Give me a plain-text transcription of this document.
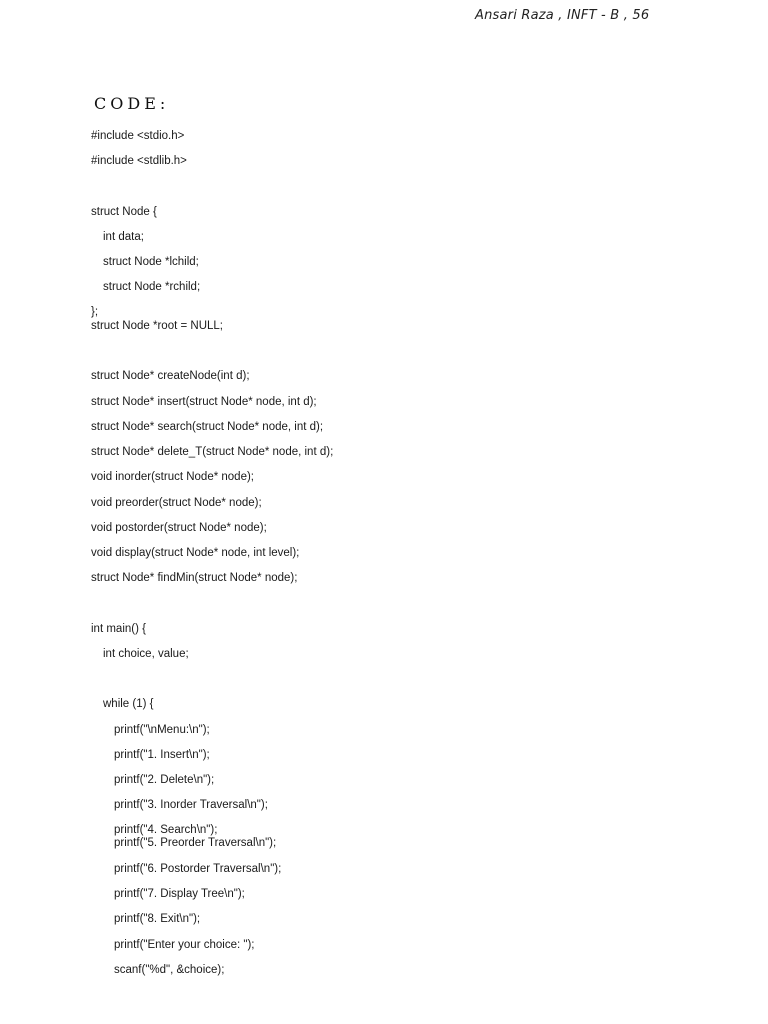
Ansari Raza , INFT - B , 56
CODE:
#include <stdio.h>
#include <stdlib.h>
struct Node {
int data;
struct Node *lchild;
struct Node *rchild;
};
struct Node *root = NULL;
struct Node* createNode(int d);
struct Node* insert(struct Node* node, int d);
struct Node* search(struct Node* node, int d);
struct Node* delete_T(struct Node* node, int d);
void inorder(struct Node* node);
void preorder(struct Node* node);
void postorder(struct Node* node);
void display(struct Node* node, int level);
struct Node* findMin(struct Node* node);
int main() {
int choice, value;
while (1) {
printf("\nMenu:\n");
printf("1. Insert\n");
printf("2. Delete\n");
printf("3. Inorder Traversal\n");
printf("4. Search\n");
printf("5. Preorder Traversal\n");
printf("6. Postorder Traversal\n");
printf("7. Display Tree\n");
printf("8. Exit\n");
printf("Enter your choice: ");
scanf("%d", &choice);
